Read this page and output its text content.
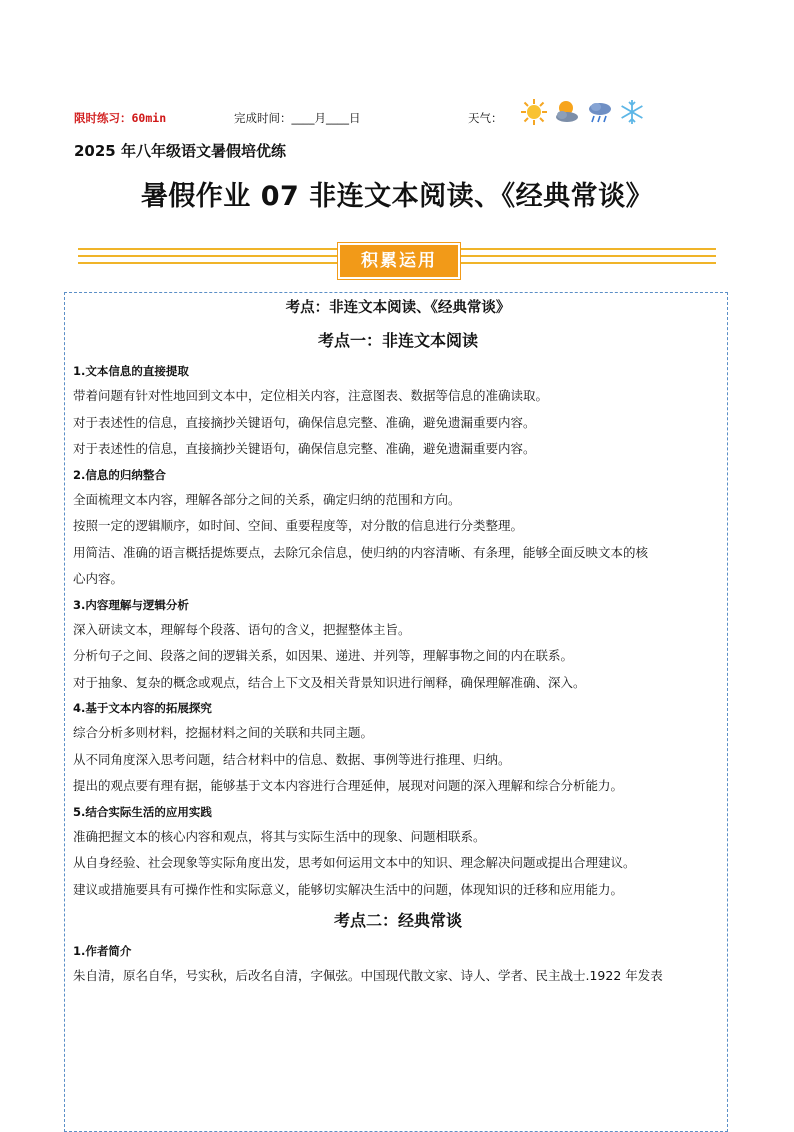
限时练习：60min	完成时间：____月____日	天气：
2025 年八年级语文暑假培优练
暑假作业 07 非连文本阅读、《经典常谈》
积累运用
考点：非连文本阅读、《经典常谈》
考点一：非连文本阅读
1.文本信息的直接提取
带着问题有针对性地回到文本中，定位相关内容，注意图表、数据等信息的准确读取。
对于表述性的信息，直接摘抄关键语句，确保信息完整、准确，避免遗漏重要内容。
对于表述性的信息，直接摘抄关键语句，确保信息完整、准确，避免遗漏重要内容。
2.信息的归纳整合
全面梳理文本内容，理解各部分之间的关系，确定归纳的范围和方向。
按照一定的逻辑顺序，如时间、空间、重要程度等，对分散的信息进行分类整理。
用简洁、准确的语言概括提炼要点，去除冗余信息，使归纳的内容清晰、有条理，能够全面反映文本的核
心内容。
3.内容理解与逻辑分析
深入研读文本，理解每个段落、语句的含义，把握整体主旨。
分析句子之间、段落之间的逻辑关系，如因果、递进、并列等，理解事物之间的内在联系。
对于抽象、复杂的概念或观点，结合上下文及相关背景知识进行阐释，确保理解准确、深入。
4.基于文本内容的拓展探究
综合分析多则材料，挖掘材料之间的关联和共同主题。
从不同角度深入思考问题，结合材料中的信息、数据、事例等进行推理、归纳。
提出的观点要有理有据，能够基于文本内容进行合理延伸，展现对问题的深入理解和综合分析能力。
5.结合实际生活的应用实践
准确把握文本的核心内容和观点，将其与实际生活中的现象、问题相联系。
从自身经验、社会现象等实际角度出发，思考如何运用文本中的知识、理念解决问题或提出合理建议。
建议或措施要具有可操作性和实际意义，能够切实解决生活中的问题，体现知识的迁移和应用能力。
考点二：经典常谈
1.作者简介
朱自清，原名自华，号实秋，后改名自清，字佩弦。中国现代散文家、诗人、学者、民主战士.1922 年发表
